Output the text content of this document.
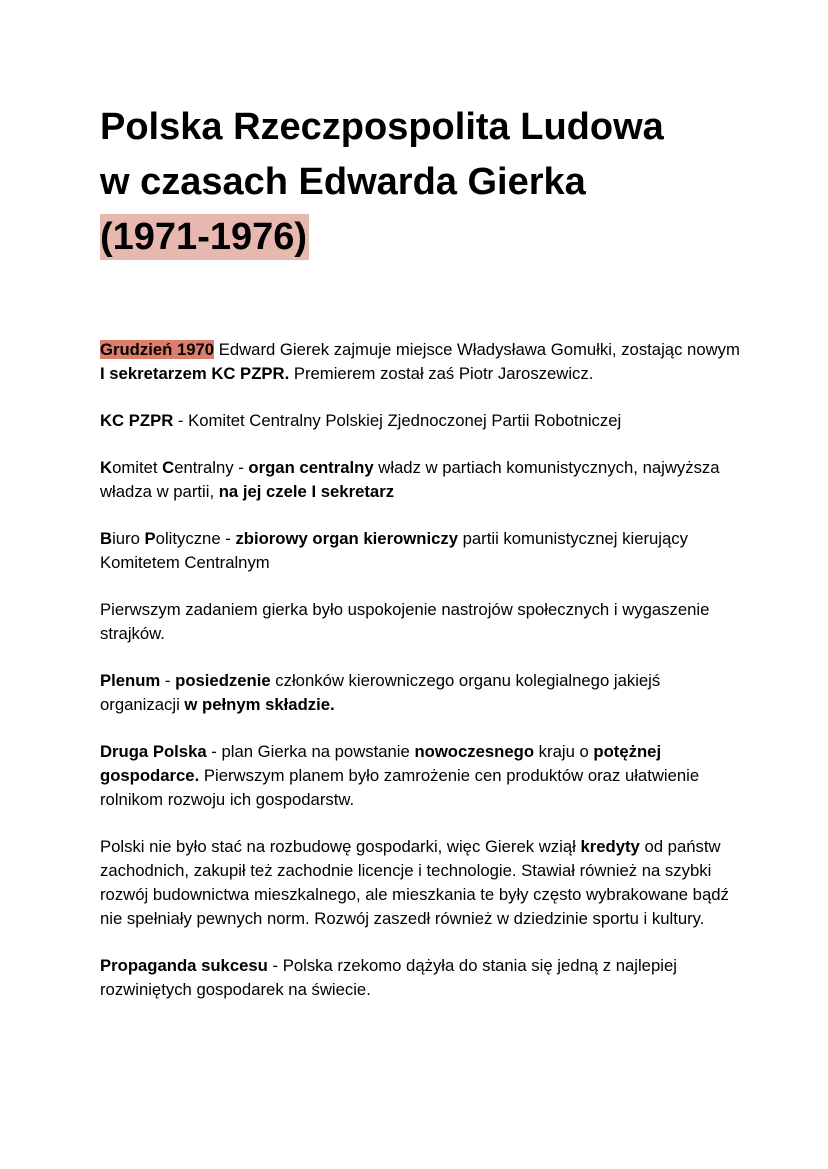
Polska Rzeczpospolita Ludowa
w czasach Edwarda Gierka
(1971-1976)

Grudzień 1970 Edward Gierek zajmuje miejsce Władysława Gomułki, zostając nowym I sekretarzem KC PZPR. Premierem został zaś Piotr Jaroszewicz.

KC PZPR - Komitet Centralny Polskiej Zjednoczonej Partii Robotniczej

Komitet Centralny - organ centralny władz w partiach komunistycznych, najwyższa władza w partii, na jej czele I sekretarz

Biuro Polityczne - zbiorowy organ kierowniczy partii komunistycznej kierujący Komitetem Centralnym

Pierwszym zadaniem gierka było uspokojenie nastrojów społecznych i wygaszenie strajków.

Plenum - posiedzenie członków kierowniczego organu kolegialnego jakiejś organizacji w pełnym składzie.

Druga Polska - plan Gierka na powstanie nowoczesnego kraju o potężnej gospodarce. Pierwszym planem było zamrożenie cen produktów oraz ułatwienie rolnikom rozwoju ich gospodarstw.

Polski nie było stać na rozbudowę gospodarki, więc Gierek wziął kredyty od państw zachodnich, zakupił też zachodnie licencje i technologie. Stawiał również na szybki rozwój budownictwa mieszkalnego, ale mieszkania te były często wybrakowane bądź nie spełniały pewnych norm. Rozwój zaszedł również w dziedzinie sportu i kultury.

Propaganda sukcesu - Polska rzekomo dążyła do stania się jedną z najlepiej rozwiniętych gospodarek na świecie.
